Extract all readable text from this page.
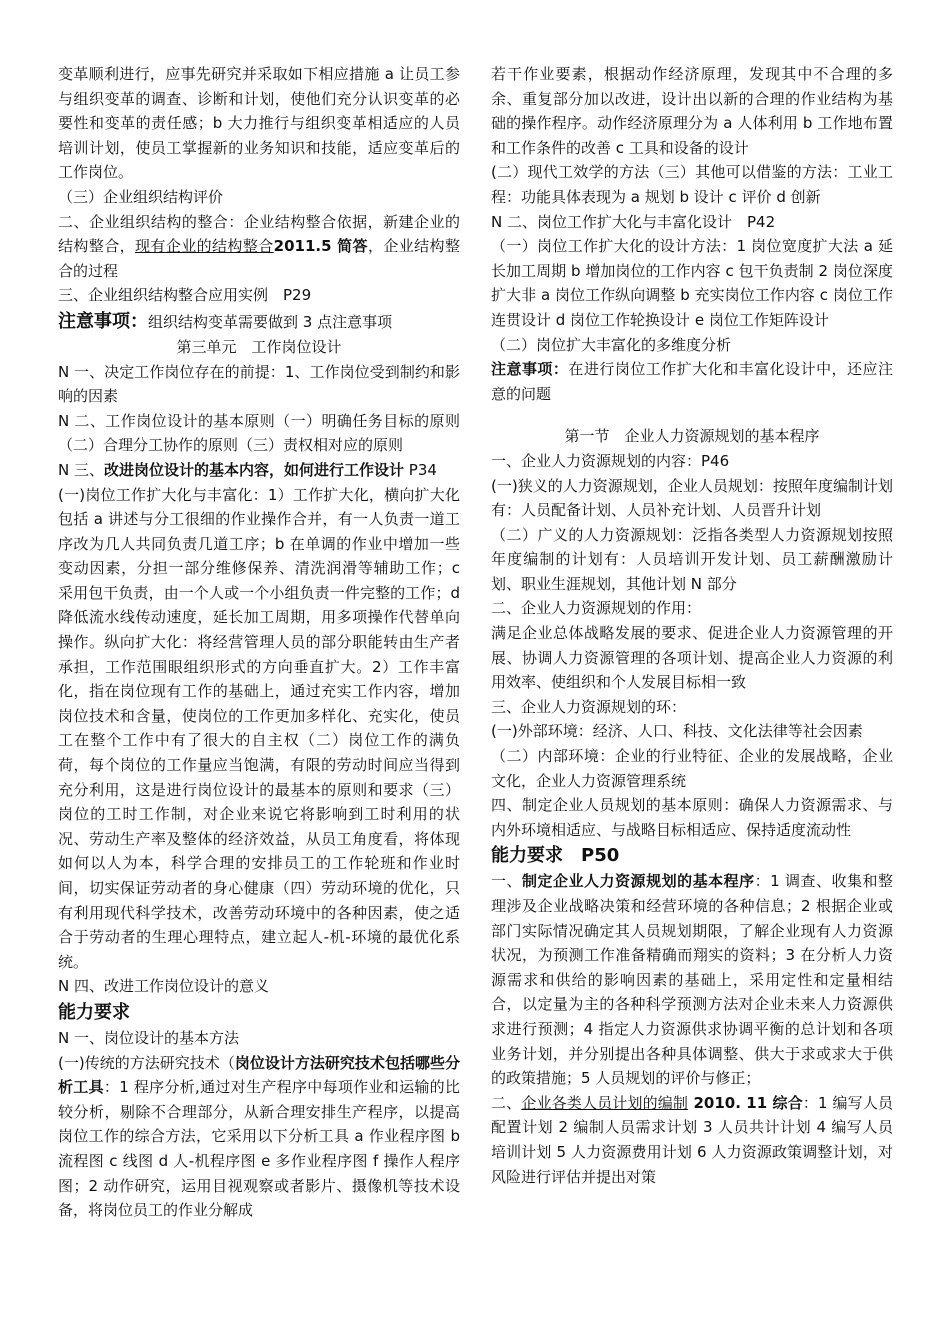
变革顺利进行，应事先研究并采取如下相应措施 a 让员工参与组织变革的调查、诊断和计划，使他们充分认识变革的必要性和变革的责任感；b 大力推行与组织变革相适应的人员培训计划，使员工掌握新的业务知识和技能，适应变革后的工作岗位。
（三）企业组织结构评价
二、企业组织结构的整合：企业结构整合依据，新建企业的结构整合，现有企业的结构整合2011.5 简答，企业结构整合的过程
三、企业组织结构整合应用实例　P29
注意事项：组织结构变革需要做到 3 点注意事项
第三单元　工作岗位设计
N 一、决定工作岗位存在的前提：1、工作岗位受到制约和影响的因素
N 二、工作岗位设计的基本原则（一）明确任务目标的原则（二）合理分工协作的原则（三）责权相对应的原则
N 三、改进岗位设计的基本内容，如何进行工作设计 P34
(一)岗位工作扩大化与丰富化：1）工作扩大化，横向扩大化包括 a 讲述与分工很细的作业操作合并，有一人负责一道工序改为几人共同负责几道工序；b 在单调的作业中增加一些变动因素，分担一部分维修保养、清洗润滑等辅助工作；c 采用包干负责，由一个人或一个小组负责一件完整的工作；d 降低流水线传动速度，延长加工周期，用多项操作代替单向操作。纵向扩大化：将经营管理人员的部分职能转由生产者承担，工作范围眼组织形式的方向垂直扩大。2）工作丰富化，指在岗位现有工作的基础上，通过充实工作内容，增加岗位技术和含量，使岗位的工作更加多样化、充实化，使员工在整个工作中有了很大的自主权（二）岗位工作的满负荷，每个岗位的工作量应当饱满，有限的劳动时间应当得到充分利用，这是进行岗位设计的最基本的原则和要求（三）岗位的工时工作制，对企业来说它将影响到工时利用的状况、劳动生产率及整体的经济效益，从员工角度看，将体现如何以人为本，科学合理的安排员工的工作轮班和作业时间，切实保证劳动者的身心健康（四）劳动环境的优化，只有利用现代科学技术，改善劳动环境中的各种因素，使之适合于劳动者的生理心理特点，建立起人-机-环境的最优化系统。
N 四、改进工作岗位设计的意义
能力要求
N 一、岗位设计的基本方法
(一)传统的方法研究技术（岗位设计方法研究技术包括哪些分析工具：1 程序分析,通过对生产程序中每项作业和运输的比较分析，剔除不合理部分，从新合理安排生产程序，以提高岗位工作的综合方法，它采用以下分析工具 a 作业程序图 b 流程图 c 线图 d 人-机程序图 e 多作业程序图 f 操作人程序图；2 动作研究，运用目视观察或者影片、摄像机等技术设备，将岗位员工的作业分解成
若干作业要素，根据动作经济原理，发现其中不合理的多余、重复部分加以改进，设计出以新的合理的作业结构为基础的操作程序。动作经济原理分为 a 人体利用 b 工作地布置和工作条件的改善 c 工具和设备的设计
(二）现代工效学的方法（三）其他可以借鉴的方法：工业工程：功能具体表现为 a 规划 b 设计 c 评价 d 创新
N 二、岗位工作扩大化与丰富化设计　P42
（一）岗位工作扩大化的设计方法：1 岗位宽度扩大法 a 延长加工周期 b 增加岗位的工作内容 c 包干负责制 2 岗位深度扩大非 a 岗位工作纵向调整 b 充实岗位工作内容 c 岗位工作连贯设计 d 岗位工作轮换设计 e 岗位工作矩阵设计
（二）岗位扩大丰富化的多维度分析
注意事项：在进行岗位工作扩大化和丰富化设计中，还应注意的问题
第一节　企业人力资源规划的基本程序
一、企业人力资源规划的内容：P46
(一)狭义的人力资源规划，企业人员规划：按照年度编制计划有：人员配备计划、人员补充计划、人员晋升计划
（二）广义的人力资源规划：泛指各类型人力资源规划按照年度编制的计划有：人员培训开发计划、员工薪酬激励计划、职业生涯规划，其他计划 N 部分
二、企业人力资源规划的作用：
满足企业总体战略发展的要求、促进企业人力资源管理的开展、协调人力资源管理的各项计划、提高企业人力资源的利用效率、使组织和个人发展目标相一致
三、企业人力资源规划的环：
(一)外部环境：经济、人口、科技、文化法律等社会因素
（二）内部环境：企业的行业特征、企业的发展战略，企业文化，企业人力资源管理系统
四、制定企业人员规划的基本原则：确保人力资源需求、与内外环境相适应、与战略目标相适应、保持适度流动性
能力要求　P50
一、制定企业人力资源规划的基本程序：1 调查、收集和整理涉及企业战略决策和经营环境的各种信息；2 根据企业或部门实际情况确定其人员规划期限，了解企业现有人力资源状况，为预测工作准备精确而翔实的资料；3 在分析人力资源需求和供给的影响因素的基础上，采用定性和定量相结合，以定量为主的各种科学预测方法对企业未来人力资源供求进行预测；4 指定人力资源供求协调平衡的总计划和各项业务计划，并分别提出各种具体调整、供大于求或求大于供的政策措施；5 人员规划的评价与修正；
二、企业各类人员计划的编制 2010. 11 综合：1 编写人员配置计划 2 编制人员需求计划 3 人员共计计划 4 编写人员培训计划 5 人力资源费用计划 6 人力资源政策调整计划，对风险进行评估并提出对策
